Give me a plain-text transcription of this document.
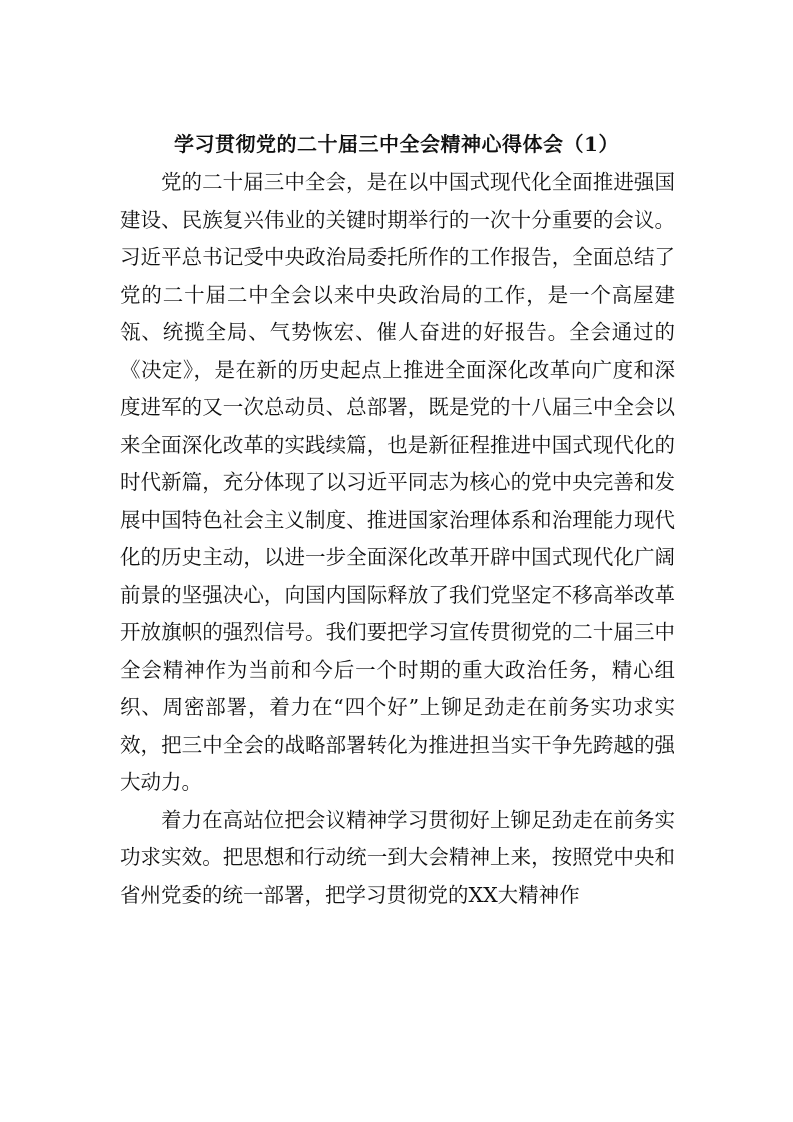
学习贯彻党的二十届三中全会精神心得体会（1）

党的二十届三中全会，是在以中国式现代化全面推进强国建设、民族复兴伟业的关键时期举行的一次十分重要的会议。习近平总书记受中央政治局委托所作的工作报告，全面总结了党的二十届二中全会以来中央政治局的工作，是一个高屋建瓴、统揽全局、气势恢宏、催人奋进的好报告。全会通过的《决定》，是在新的历史起点上推进全面深化改革向广度和深度进军的又一次总动员、总部署，既是党的十八届三中全会以来全面深化改革的实践续篇，也是新征程推进中国式现代化的时代新篇，充分体现了以习近平同志为核心的党中央完善和发展中国特色社会主义制度、推进国家治理体系和治理能力现代化的历史主动，以进一步全面深化改革开辟中国式现代化广阔前景的坚强决心，向国内国际释放了我们党坚定不移高举改革开放旗帜的强烈信号。我们要把学习宣传贯彻党的二十届三中全会精神作为当前和今后一个时期的重大政治任务，精心组织、周密部署，着力在“四个好”上铆足劲走在前务实功求实效，把三中全会的战略部署转化为推进担当实干争先跨越的强大动力。

着力在高站位把会议精神学习贯彻好上铆足劲走在前务实功求实效。把思想和行动统一到大会精神上来，按照党中央和省州党委的统一部署，把学习贯彻党的XX大精神作
